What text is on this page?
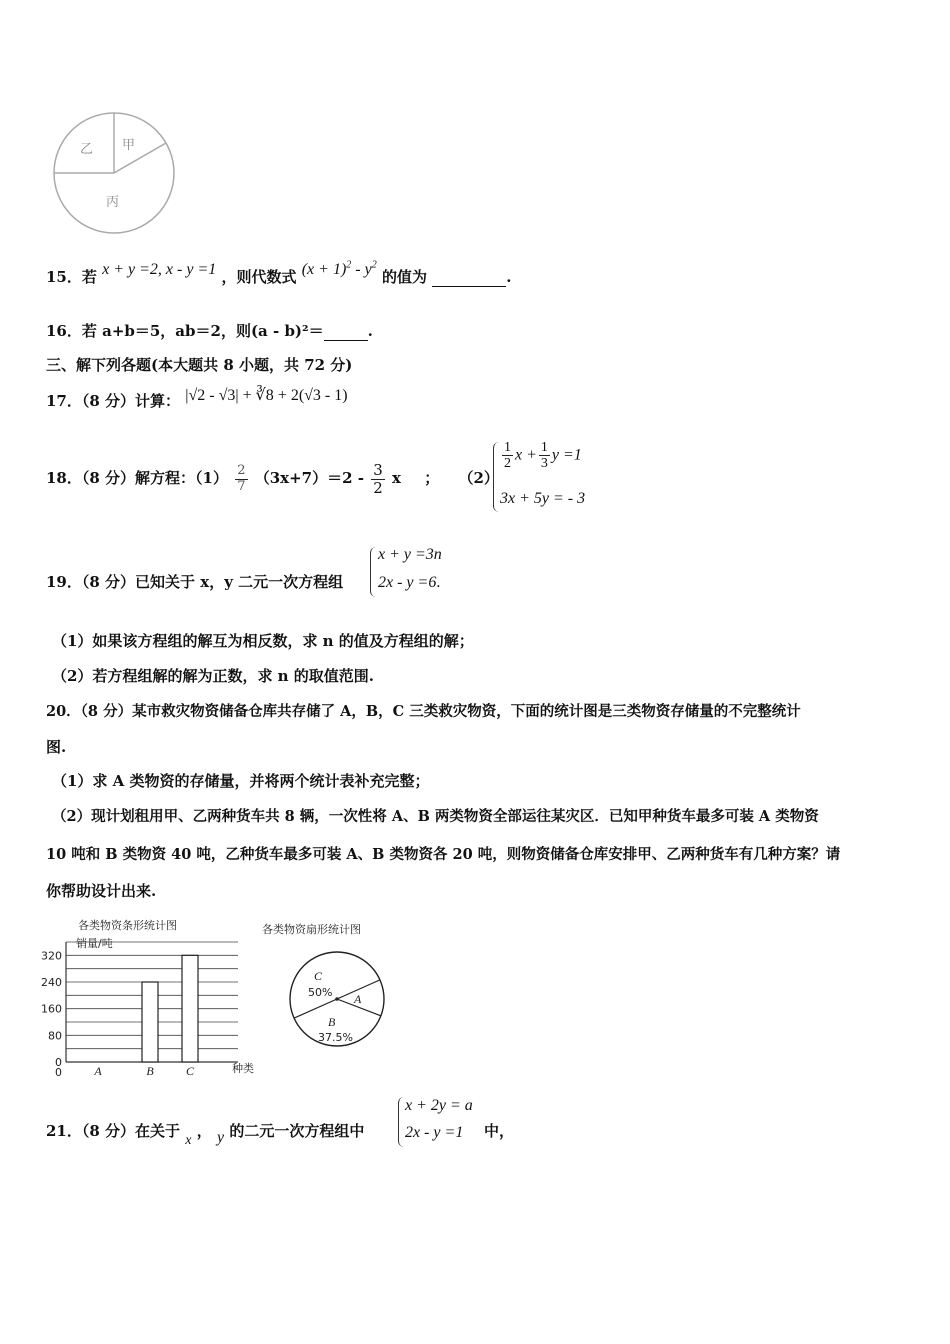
乙 甲
丙
15．若 x + y =2, x - y =1 ，则代数式 $(x + 1)^2 - y^2$ 的值为	.
16．若 a+b＝5，ab＝2，则(a - b)²＝	.
三、解下列各题(本大题共 8 小题，共 72 分)
17．（8 分）计算： |√2 - √3| + ∛8 + 2(√3 - 1)
18．（8 分）解方程：$(1) \frac{2}{7} (3x+7)=2 - \frac{3}{2}$ x ； （2）
$\frac{1}{2}$ $x + \frac{1}{3}$ y =1
3x + 5y = - 3
19．（8 分）已知关于 x，y 二元一次方程组
x + y =3n
2x - y =6.
（1）如果该方程组的解互为相反数，求 n 的值及方程组的解；
（2）若方程组解的解为正数，求 n 的取值范围.
20．（8 分）某市救灾物资储备仓库共存储了 A，B，C 三类救灾物资，下面的统计图是三类物资存储量的不完整统计
图.
（1）求 A 类物资的存储量，并将两个统计表补充完整；
（2）现计划租用甲、乙两种货车共 8 辆，一次性将 A、B 两类物资全部运往某灾区．已知甲种货车最多可装 A 类物资
10 吨和 B 类物资 40 吨，乙种货车最多可装 A、B 类物资各 20 吨，则物资储备仓库安排甲、乙两种货车有几种方案？请
你帮助设计出来.
各类物资条形统计图
销量/吨
种类
0
80
160
240
320
0	A	B	C
各类物资扇形统计图
C
50% A
B
37.5%
21．（8 分）在关于 x ， y 的二元一次方程组中
x + 2y = a
2x - y =1 中，
